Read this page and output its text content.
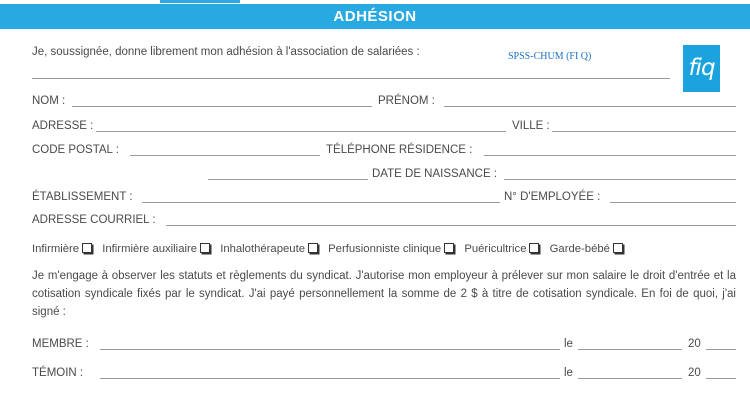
ADHÉSION
Je, soussignée, donne librement mon adhésion à l'association de salariées :	SPSS-CHUM (FI Q)	fiq
NOM :	PRÉNOM :
ADRESSE :	VILLE :
CODE POSTAL :	TÉLÉPHONE RÉSIDENCE :
DATE DE NAISSANCE :
ÉTABLISSEMENT :	N° D'EMPLOYÉE :
ADRESSE COURRIEL :
Infirmière Infirmière auxiliaire Inhalothérapeute Perfusionniste clinique Puéricultrice Garde-bébé
Je m'engage à observer les statuts et règlements du syndicat. J'autorise mon employeur à prélever sur mon salaire le droit d'entrée et la cotisation syndicale fixés par le syndicat. J'ai payé personnellement la somme de 2 $ à titre de cotisation syndicale. En foi de quoi, j'ai signé :
MEMBRE :	le	20
TÉMOIN :	le	20
